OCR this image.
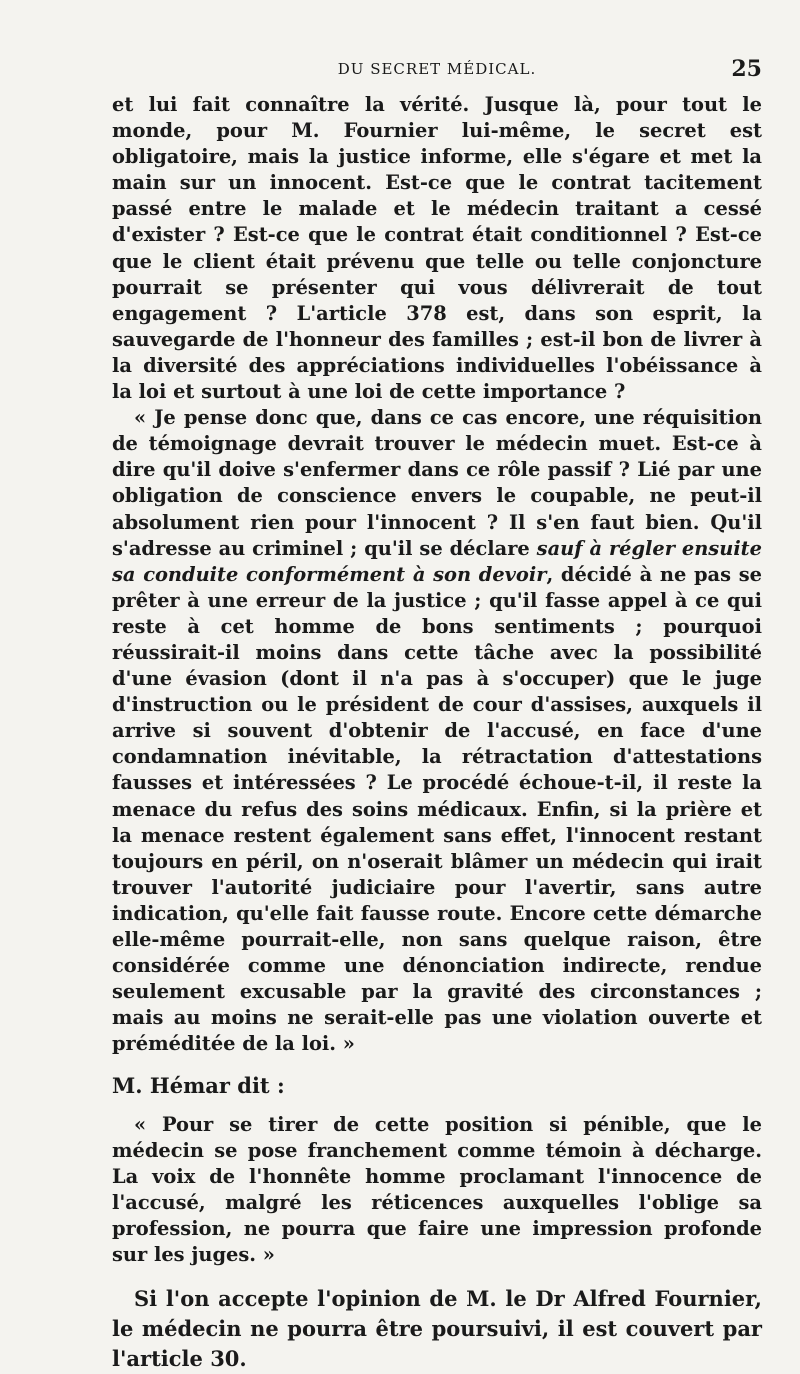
DU SECRET MÉDICAL.	25

et lui fait connaître la vérité. Jusque là, pour tout le monde, pour M. Fournier lui-même, le secret est obligatoire, mais la justice informe, elle s'égare et met la main sur un innocent. Est-ce que le contrat tacitement passé entre le malade et le médecin traitant a cessé d'exister ? Est-ce que le contrat était conditionnel ? Est-ce que le client était prévenu que telle ou telle conjoncture pourrait se présenter qui vous délivrerait de tout engagement ? L'article 378 est, dans son esprit, la sauvegarde de l'honneur des familles ; est-il bon de livrer à la diversité des appréciations individuelles l'obéissance à la loi et surtout à une loi de cette importance ?

« Je pense donc que, dans ce cas encore, une réquisition de témoignage devrait trouver le médecin muet. Est-ce à dire qu'il doive s'enfermer dans ce rôle passif ? Lié par une obligation de conscience envers le coupable, ne peut-il absolument rien pour l'innocent ? Il s'en faut bien. Qu'il s'adresse au criminel ; qu'il se déclare sauf à régler ensuite sa conduite conformément à son devoir, décidé à ne pas se prêter à une erreur de la justice ; qu'il fasse appel à ce qui reste à cet homme de bons sentiments ; pourquoi réussirait-il moins dans cette tâche avec la possibilité d'une évasion (dont il n'a pas à s'occuper) que le juge d'instruction ou le président de cour d'assises, auxquels il arrive si souvent d'obtenir de l'accusé, en face d'une condamnation inévitable, la rétractation d'attestations fausses et intéressées ? Le procédé échoue-t-il, il reste la menace du refus des soins médicaux. Enfin, si la prière et la menace restent également sans effet, l'innocent restant toujours en péril, on n'oserait blâmer un médecin qui irait trouver l'autorité judiciaire pour l'avertir, sans autre indication, qu'elle fait fausse route. Encore cette démarche elle-même pourrait-elle, non sans quelque raison, être considérée comme une dénonciation indirecte, rendue seulement excusable par la gravité des circonstances ; mais au moins ne serait-elle pas une violation ouverte et préméditée de la loi. »

M. Hémar dit :

« Pour se tirer de cette position si pénible, que le médecin se pose franchement comme témoin à décharge. La voix de l'honnête homme proclamant l'innocence de l'accusé, malgré les réticences auxquelles l'oblige sa profession, ne pourra que faire une impression profonde sur les juges. »

Si l'on accepte l'opinion de M. le Dr Alfred Fournier, le médecin ne pourra être poursuivi, il est couvert par l'article 30.
